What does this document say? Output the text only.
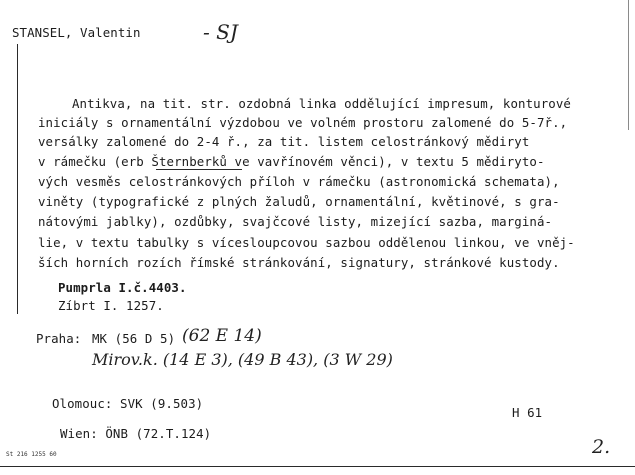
STANSEL, Valentin	- SJ
Antikva, na tit. str. ozdobná linka oddělující impresum, konturové
iniciály s ornamentální výzdobou ve volném prostoru zalomené do 5-7ř.,
versálky zalomené do 2-4 ř., za tit. listem celostránkový mědiryt
v rámečku (erb Šternberků ve vavřínovém věnci), v textu 5 mědiryto-
vých vesměs celostránkových příloh v rámečku (astronomická schemata),
viněty (typografické z plných žaludů, ornamentální, květinové, s gra-
nátovými jablky), ozdůbky, svajčcové listy, mizející sazba, marginá-
lie, v textu tabulky s vícesloupcovou sazbou oddělenou linkou, ve vněj-
ších horních rozích římské stránkování, signatury, stránkové kustody.
Pumprla I.č.4403.
Zíbrt I. 1257.
Praha: MK (56 D 5) (62 E 14)
Mirov.k. (14 E 3), (49 B 43), (3 W 29)
Olomouc: SVK (9.503)
H 61
Wien: ÖNB (72.T.124)
2.
St 216 1255 60
